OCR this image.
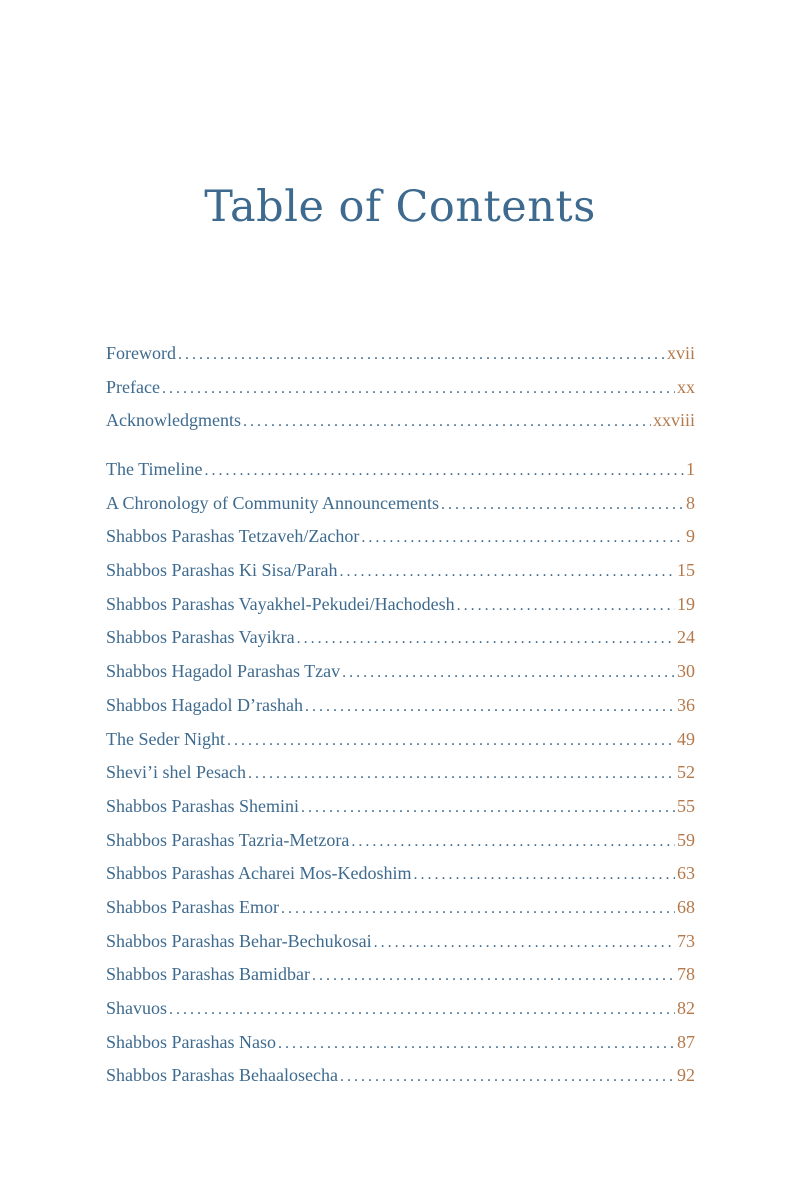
Table of Contents
Foreword . . .	xvii
Preface . . .	xx
Acknowledgments . . .	xxviii
The Timeline . . .	1
A Chronology of Community Announcements . . .	8
Shabbos Parashas Tetzaveh/Zachor . . .	9
Shabbos Parashas Ki Sisa/Parah . . .	15
Shabbos Parashas Vayakhel-Pekudei/Hachodesh . . .	19
Shabbos Parashas Vayikra . . .	24
Shabbos Hagadol Parashas Tzav . . .	30
Shabbos Hagadol D’rashah . . .	36
The Seder Night . . .	49
Shevi’i shel Pesach . . .	52
Shabbos Parashas Shemini . . .	55
Shabbos Parashas Tazria-Metzora . . .	59
Shabbos Parashas Acharei Mos-Kedoshim . . .	63
Shabbos Parashas Emor . . .	68
Shabbos Parashas Behar-Bechukosai . . .	73
Shabbos Parashas Bamidbar . . .	78
Shavuos . . .	82
Shabbos Parashas Naso . . .	87
Shabbos Parashas Behaalosecha . . .	92
